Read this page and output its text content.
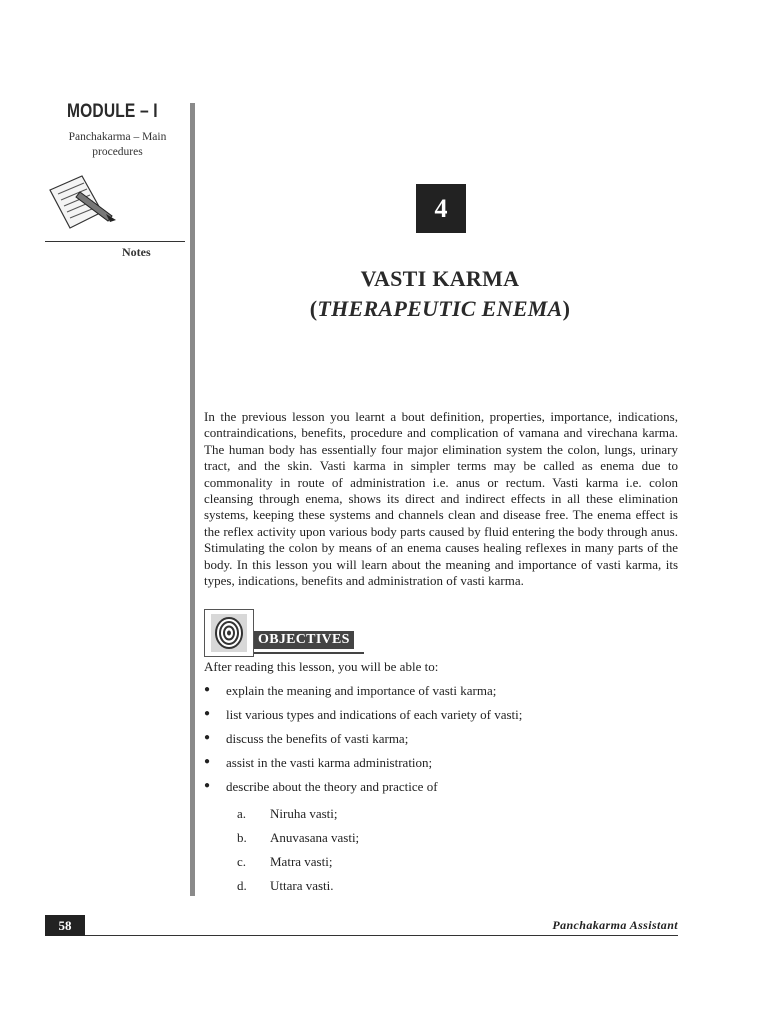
MODULE – I
Panchakarma – Main procedures
Notes
4
VASTI KARMA
(THERAPEUTIC ENEMA)
In the previous lesson you learnt a bout definition, properties, importance, indications, contraindications, benefits, procedure and complication of vamana and virechana karma. The human body has essentially four major elimination system the colon, lungs, urinary tract, and the skin. Vasti karma in simpler terms may be called as enema due to commonality in route of administration i.e. anus or rectum. Vasti karma i.e. colon cleansing through enema, shows its direct and indirect effects in all these elimination systems, keeping these systems and channels clean and disease free. The enema effect is the reflex activity upon various body parts caused by fluid entering the body through anus. Stimulating the colon by means of an enema causes healing reflexes in many parts of the body. In this lesson you will learn about the meaning and importance of vasti karma, its types, indications, benefits and administration of vasti karma.
OBJECTIVES
After reading this lesson, you will be able to:
● explain the meaning and importance of vasti karma;
● list various types and indications of each variety of vasti;
● discuss the benefits of vasti karma;
● assist in the vasti karma administration;
● describe about the theory and practice of
a. Niruha vasti;
b. Anuvasana vasti;
c. Matra vasti;
d. Uttara vasti.
58	Panchakarma Assistant
